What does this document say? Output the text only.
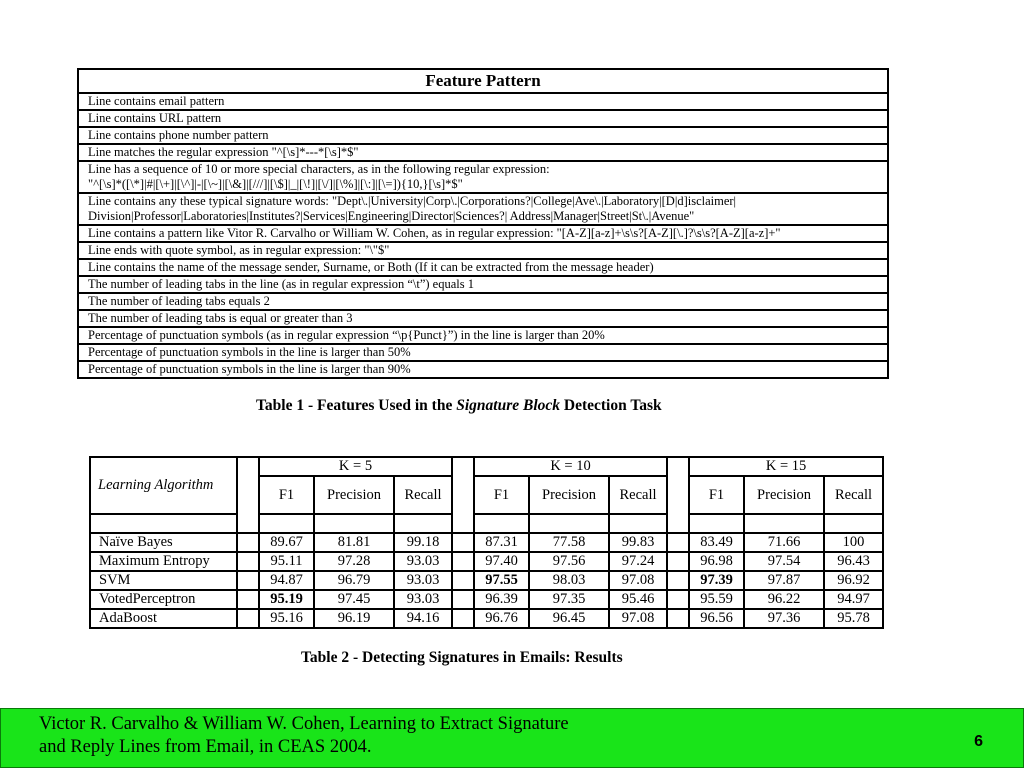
Feature Pattern
Line contains email pattern
Line contains URL pattern
Line contains phone number pattern
Line matches the regular expression "^[\s]*---*[\s]*$"
Line has a sequence of 10 or more special characters, as in the following regular expression:
"^[\s]*([\*]|#|[\+]|[\^]|-|[\~]|[\&]|[///]|[\$]|_|[\!]|[\/]|[\%]|[\:]|[\=]){10,}[\s]*$"
Line contains any these typical signature words: "Dept\.|University|Corp\.|Corporations?|College|Ave\.|Laboratory|[D|d]isclaimer|
Division|Professor|Laboratories|Institutes?|Services|Engineering|Director|Sciences?| Address|Manager|Street|St\.|Avenue"
Line contains a pattern like Vitor R. Carvalho or William W. Cohen, as in regular expression: "[A-Z][a-z]+\s\s?[A-Z][\.]?\s\s?[A-Z][a-z]+"
Line ends with quote symbol, as in regular expression: "\"$"
Line contains the name of the message sender, Surname, or Both (If it can be extracted from the message header)
The number of leading tabs in the line (as in regular expression “\t”) equals 1
The number of leading tabs equals 2
The number of leading tabs is equal or greater than 3
Percentage of punctuation symbols (as in regular expression “\p{Punct}”) in the line is larger than 20%
Percentage of punctuation symbols in the line is larger than 50%
Percentage of punctuation symbols in the line is larger than 90%
Table 1 - Features Used in the Signature Block Detection Task
Learning Algorithm		K = 5				K = 10				K = 15		
		F1	Precision	Recall		F1	Precision	Recall		F1	Precision	Recall

Naïve Bayes		89.67	81.81	99.18		87.31	77.58	99.83		83.49	71.66	100
Maximum Entropy		95.11	97.28	93.03		97.40	97.56	97.24		96.98	97.54	96.43
SVM		94.87	96.79	93.03		97.55	98.03	97.08		97.39	97.87	96.92
VotedPerceptron		95.19	97.45	93.03		96.39	97.35	95.46		95.59	96.22	94.97
AdaBoost		95.16	96.19	94.16		96.76	96.45	97.08		96.56	97.36	95.78
Table 2 - Detecting Signatures in Emails: Results
Victor R. Carvalho & William W. Cohen, Learning to Extract Signature
and Reply Lines from Email, in CEAS 2004.	6
